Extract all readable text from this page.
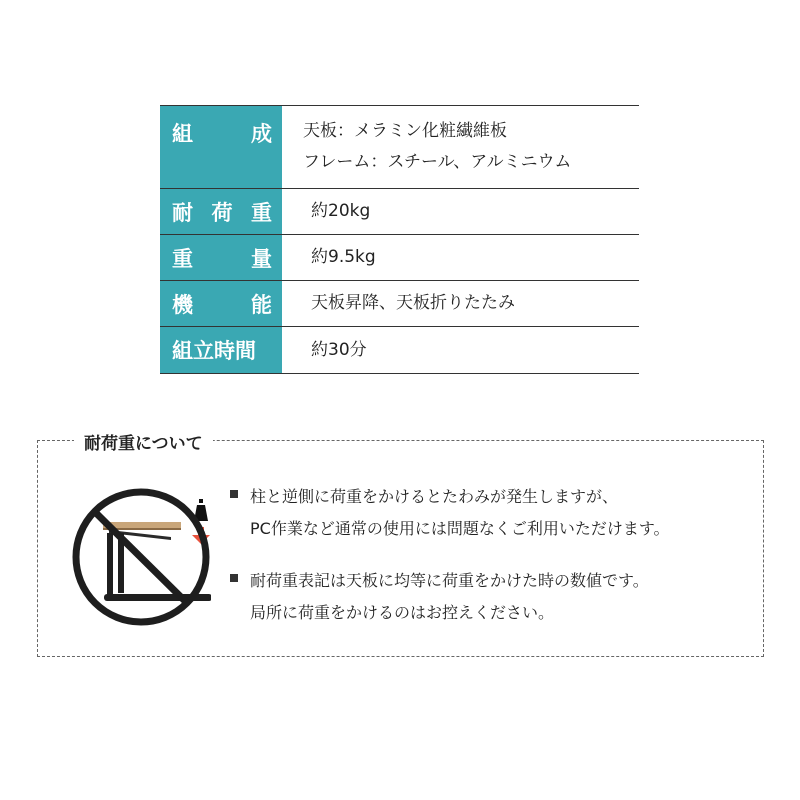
組	成 天板：メラミン化粧繊維板
フレーム：スチール、アルミニウム
耐 荷 重 約20kg
重	量 約9.5kg
機	能 天板昇降、天板折りたたみ
組立時間	約30分
耐荷重について
柱と逆側に荷重をかけるとたわみが発生しますが、
PC作業など通常の使用には問題なくご利用いただけます。
耐荷重表記は天板に均等に荷重をかけた時の数値です。
局所に荷重をかけるのはお控えください。
